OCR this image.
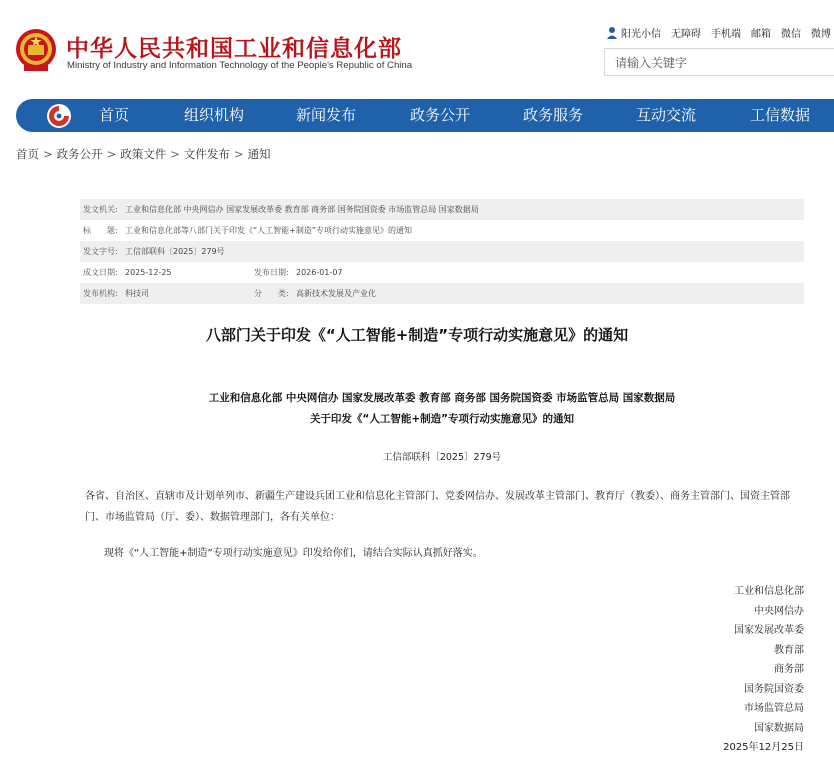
中华人民共和国工业和信息化部
Ministry of Industry and Information Technology of the People's Republic of China
阳光小信 无障碍 手机端 邮箱 微信 微博
请输入关键字
首页	组织机构	新闻发布	政务公开	政务服务	互动交流	工信数据
首页 > 政务公开 > 政策文件 > 文件发布 > 通知
发文机关: 工业和信息化部 中央网信办 国家发展改革委 教育部 商务部 国务院国资委 市场监管总局 国家数据局
标　　题: 工业和信息化部等八部门关于印发《“人工智能+制造”专项行动实施意见》的通知
发文字号: 工信部联科〔2025〕279号
成文日期: 2025-12-25	发布日期: 2026-01-07
发布机构: 科技司	分　　类: 高新技术发展及产业化
八部门关于印发《“人工智能+制造”专项行动实施意见》的通知
工业和信息化部 中央网信办 国家发展改革委 教育部 商务部 国务院国资委 市场监管总局 国家数据局
关于印发《“人工智能+制造”专项行动实施意见》的通知
工信部联科〔2025〕279号
各省、自治区、直辖市及计划单列市、新疆生产建设兵团工业和信息化主管部门、党委网信办、发展改革主管部门、教育厅（教委）、商务主管部门、国资主管部门、市场监管局（厅、委）、数据管理部门，各有关单位：
现将《“人工智能+制造”专项行动实施意见》印发给你们，请结合实际认真抓好落实。
工业和信息化部
中央网信办
国家发展改革委
教育部
商务部
国务院国资委
市场监管总局
国家数据局
2025年12月25日
